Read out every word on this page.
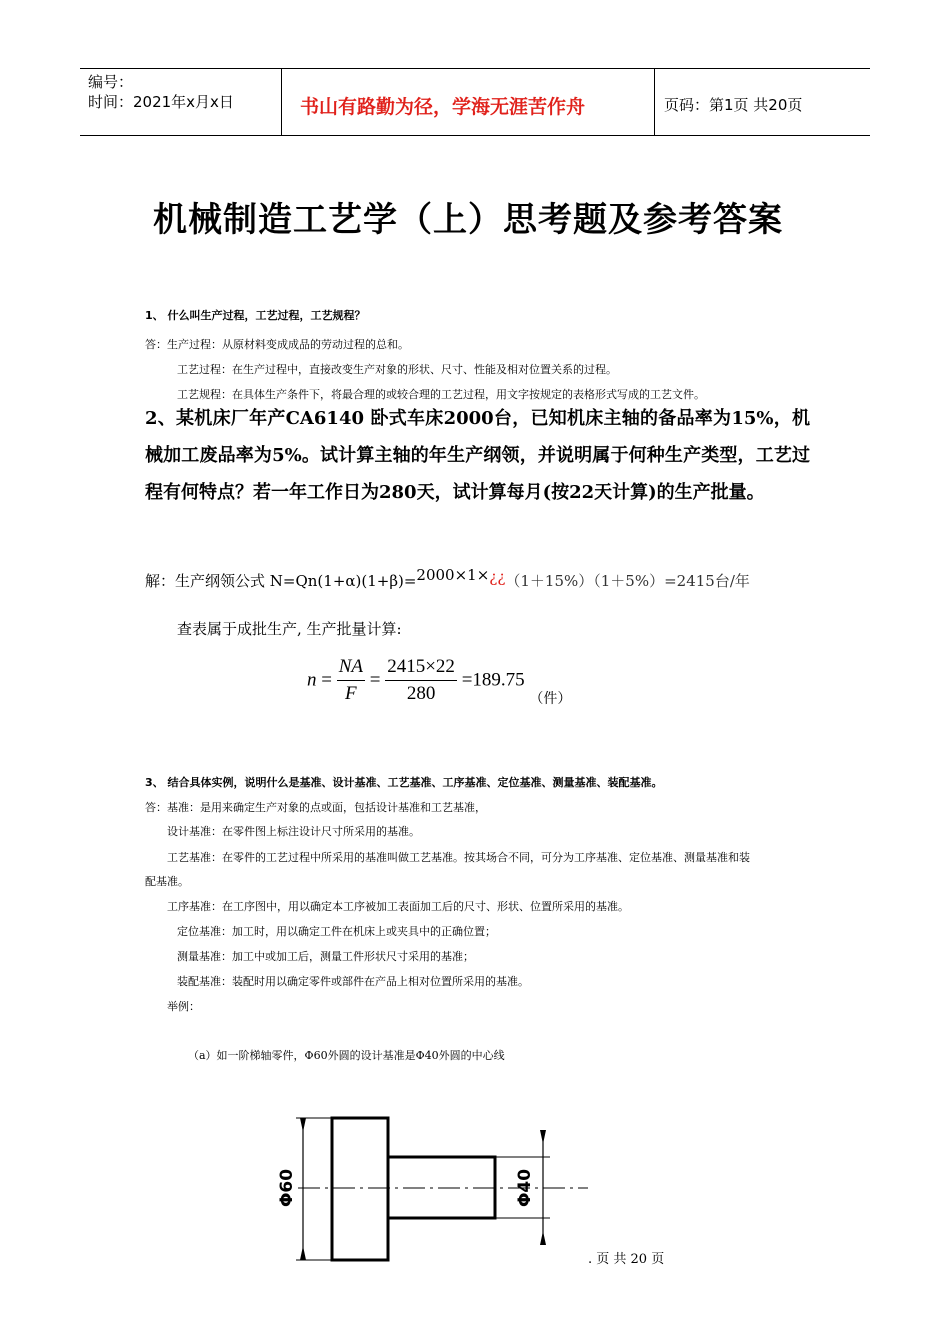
编号：
时间：2021年x月x日	书山有路勤为径，学海无涯苦作舟	页码：第1页 共20页
机械制造工艺学（上）思考题及参考答案
1、 什么叫生产过程，工艺过程，工艺规程？
答：生产过程：从原材料变成成品的劳动过程的总和。
工艺过程：在生产过程中，直接改变生产对象的形状、尺寸、性能及相对位置关系的过程。
工艺规程：在具体生产条件下，将最合理的或较合理的工艺过程，用文字按规定的表格形式写成的工艺文件。
2、某机床厂年产CA6140 卧式车床2000台，已知机床主轴的备品率为15%，机械加工废品率为5%。试计算主轴的年生产纲领，并说明属于何种生产类型，工艺过程有何特点？若一年工作日为280天，试计算每月(按22天计算)的生产批量。
解：生产纲领公式 N=Qn(1+α)(1+β)=2000×1×¿¿（1＋15%）（1＋5%）=2415台/年
查表属于成批生产, 生产批量计算:
$n = \frac{NA}{F} = \frac{2415\times 22}{280} =189.75$ $_{(件)}$
3、 结合具体实例，说明什么是基准、设计基准、工艺基准、工序基准、定位基准、测量基准、装配基准。
答：基准：是用来确定生产对象的点或面，包括设计基准和工艺基准，
设计基准：在零件图上标注设计尺寸所采用的基准。
工艺基准：在零件的工艺过程中所采用的基准叫做工艺基准。按其场合不同，可分为工序基准、定位基准、测量基准和装
配基准。
工序基准：在工序图中，用以确定本工序被加工表面加工后的尺寸、形状、位置所采用的基准。
定位基准：加工时，用以确定工件在机床上或夹具中的正确位置；
测量基准：加工中或加工后，测量工件形状尺寸采用的基准；
装配基准：装配时用以确定零件或部件在产品上相对位置所采用的基准。
举例：
（a）如一阶梯轴零件，Φ60外圆的设计基准是Φ40外圆的中心线
Φ60	Φ40
. 页 共 20 页
